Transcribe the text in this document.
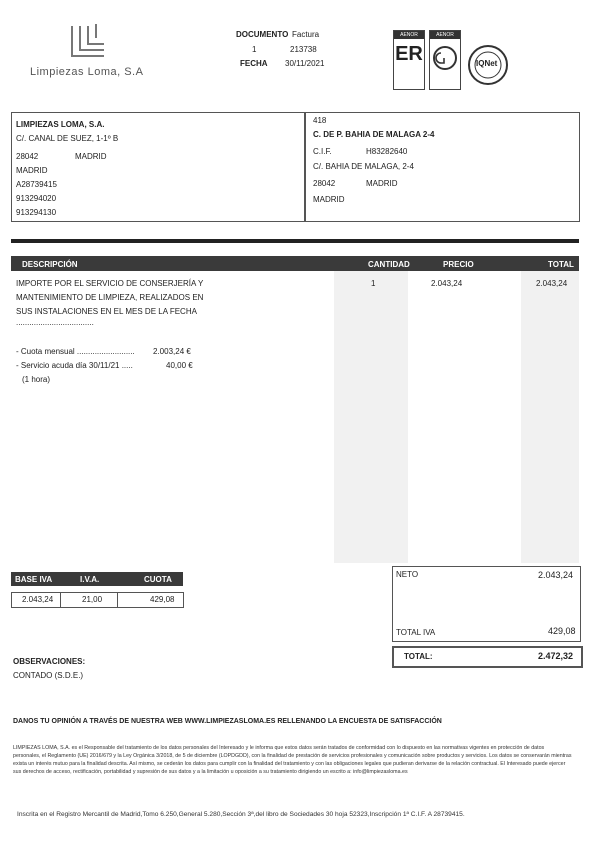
Limpiezas Loma, S.A
DOCUMENTO Factura
1	213738
FECHA 30/11/2021
AENOR
ER
AENOR
IQNet
LIMPIEZAS LOMA, S.A.
C/. CANAL DE SUEZ, 1-1º B
28042	MADRID
MADRID
A28739415
913294020
913294130
418
C. DE P. BAHIA DE MALAGA 2-4
C.I.F.	H83282640
C/. BAHIA DE MALAGA, 2-4
28042	MADRID
MADRID
DESCRIPCIÓN	CANTIDAD	PRECIO	TOTAL
IMPORTE POR EL SERVICIO DE CONSERJERÍA Y
MANTENIMIENTO DE LIMPIEZA, REALIZADOS EN
SUS INSTALACIONES EN EL MES DE LA FECHA
...................................
- Cuota mensual .......................... 2.003,24 €
- Servicio acuda día 30/11/21 .....	40,00 €
(1 hora)
1	2.043,24	2.043,24
BASE IVA	I.V.A.	CUOTA
2.043,24	21,00	429,08
NETO	2.043,24
TOTAL IVA	429,08
TOTAL:	2.472,32
OBSERVACIONES:
CONTADO (S.D.E.)
DANOS TU OPINIÓN A TRAVÉS DE NUESTRA WEB WWW.LIMPIEZASLOMA.ES RELLENANDO LA ENCUESTA DE SATISFACCIÓN
LIMPIEZAS LOMA, S.A. es el Responsable del tratamiento de los datos personales del Interesado y le informa que estos datos serán tratados de conformidad con lo dispuesto en las normativas vigentes en protección de datos personales, el Reglamento (UE) 2016/679 y la Ley Orgánica 3/2018, de 5 de diciembre (LOPDGDD), con la finalidad de prestación de servicios profesionales y comunicación sobre productos y servicios. Los datos se conservarán mientras exista un interés mutuo para la finalidad descrita. Así mismo, se cederán los datos para cumplir con la finalidad del tratamiento y con las obligaciones legales que pudieran derivarse de la relación contractual. El Interesado puede ejercer sus derechos de acceso, rectificación, portabilidad y supresión de sus datos y a la limitación u oposición a su tratamiento dirigiendo un escrito a: info@limpiezasloma.es
Inscrita en el Registro Mercantil de Madrid,Tomo 6.250,General 5.280,Sección 3ª,del libro de Sociedades 30 hoja 52323,Inscripción 1ª C.I.F. A 28739415.
